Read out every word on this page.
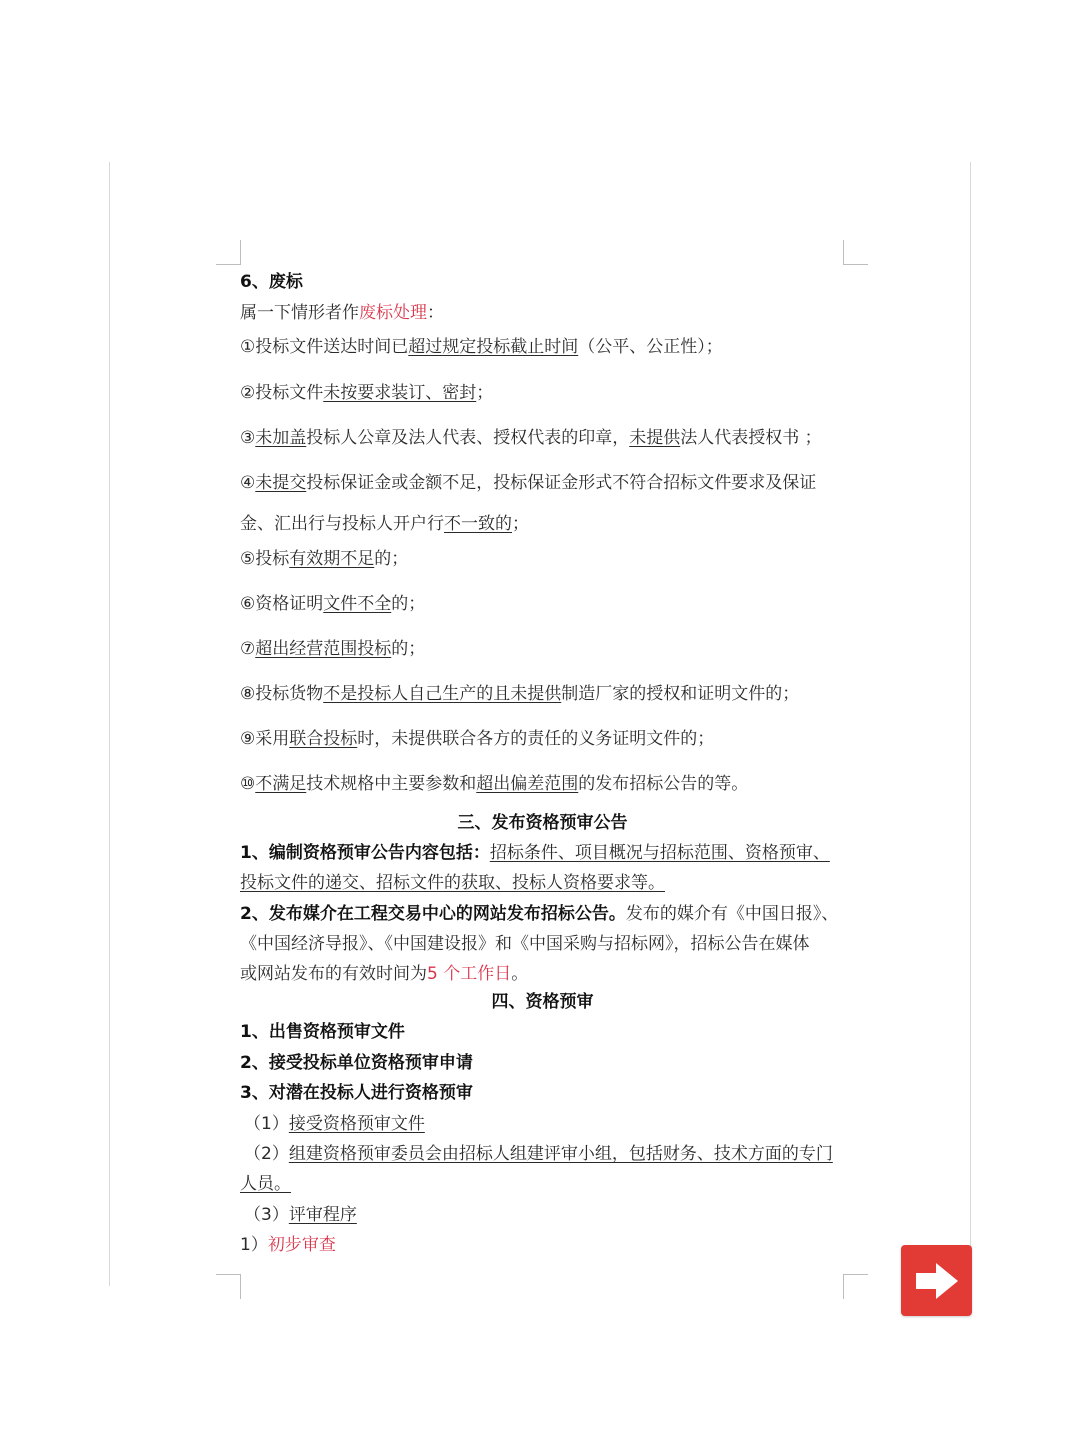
6、废标
属一下情形者作废标处理：
①投标文件送达时间已超过规定投标截止时间（公平、公正性）；
②投标文件未按要求装订、密封；
③未加盖投标人公章及法人代表、授权代表的印章，未提供法人代表授权书 ；
④未提交投标保证金或金额不足，投标保证金形式不符合招标文件要求及保证
金、汇出行与投标人开户行不一致的；
⑤投标有效期不足的；
⑥资格证明文件不全的；
⑦超出经营范围投标的；
⑧投标货物不是投标人自己生产的且未提供制造厂家的授权和证明文件的；
⑨采用联合投标时，未提供联合各方的责任的义务证明文件的；
⑩不满足技术规格中主要参数和超出偏差范围的发布招标公告的等。
三、发布资格预审公告
1、编制资格预审公告内容包括：招标条件、项目概况与招标范围、资格预审、
投标文件的递交、招标文件的获取、投标人资格要求等。
2、发布媒介在工程交易中心的网站发布招标公告。发布的媒介有《中国日报》、
《中国经济导报》、《中国建设报》和《中国采购与招标网》，招标公告在媒体
或网站发布的有效时间为5 个工作日。
四、资格预审
1、出售资格预审文件
2、接受投标单位资格预审申请
3、对潜在投标人进行资格预审
（1）接受资格预审文件
（2）组建资格预审委员会由招标人组建评审小组，包括财务、技术方面的专门
人员。
（3）评审程序
1）初步审查
